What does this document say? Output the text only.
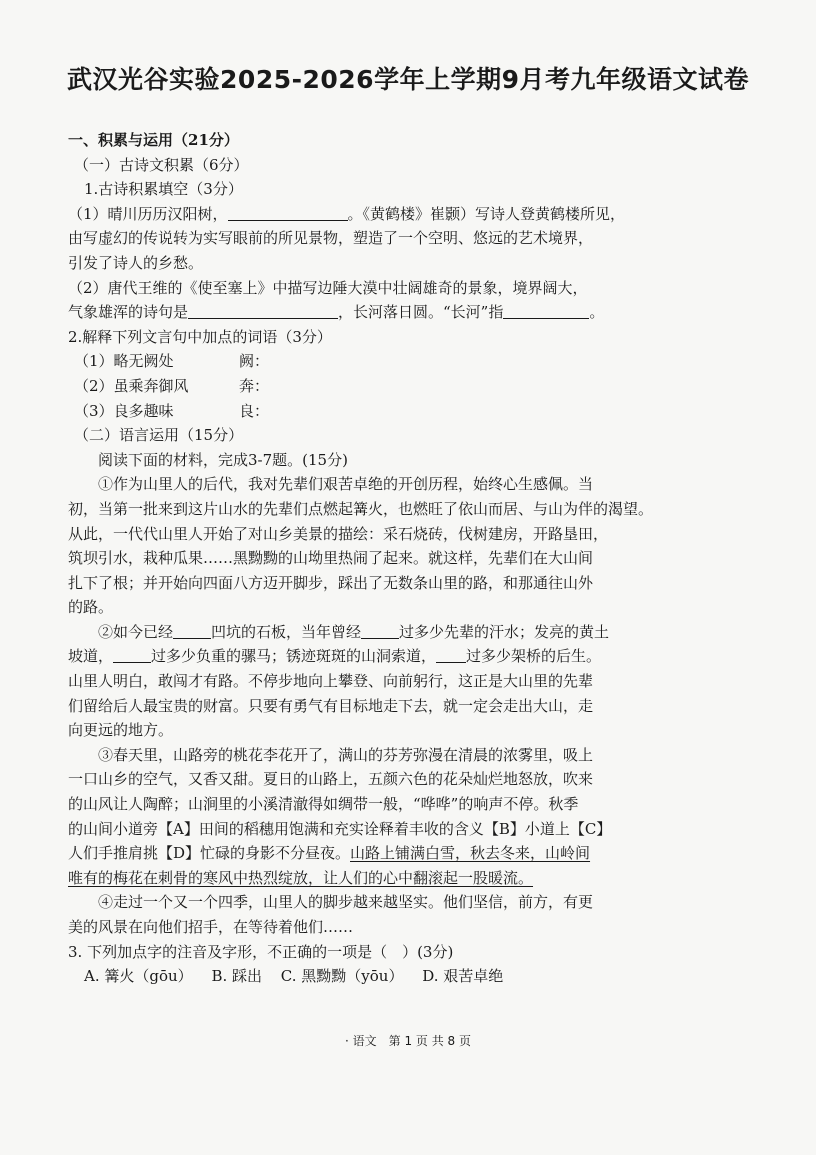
武汉光谷实验2025-2026学年上学期9月考九年级语文试卷
一、积累与运用（21分）
（一）古诗文积累（6分）
1.古诗积累填空（3分）
（1）晴川历历汉阳树，	。《黄鹤楼》崔颢）写诗人登黄鹤楼所见，
由写虚幻的传说转为实写眼前的所见景物，塑造了一个空明、悠远的艺术境界，
引发了诗人的乡愁。
（2）唐代王维的《使至塞上》中描写边陲大漠中壮阔雄奇的景象，境界阔大，
气象雄浑的诗句是	，长河落日圆。“长河”指	。
2.解释下列文言句中加点的词语（3分）
（1）略无阙处	阙：
（2）虽乘奔御风	奔：
（3）良多趣味	良：
（二）语言运用（15分）
阅读下面的材料，完成3-7题。(15分)
①作为山里人的后代，我对先辈们艰苦卓绝的开创历程，始终心生感佩。当
初，当第一批来到这片山水的先辈们点燃起篝火，也燃旺了依山而居、与山为伴的渴望。
从此，一代代山里人开始了对山乡美景的描绘：采石烧砖，伐树建房，开路垦田，
筑坝引水，栽种瓜果……黑黝黝的山坳里热闹了起来。就这样，先辈们在大山间
扎下了根；并开始向四面八方迈开脚步，踩出了无数条山里的路，和那通往山外
的路。
②如今已经	凹坑的石板，当年曾经	过多少先辈的汗水；发亮的黄土
坡道，	过多少负重的骡马；锈迹斑斑的山洞索道， 过多少架桥的后生。
山里人明白，敢闯才有路。不停步地向上攀登、向前躬行，这正是大山里的先辈
们留给后人最宝贵的财富。只要有勇气有目标地走下去，就一定会走出大山，走
向更远的地方。
③春天里，山路旁的桃花李花开了，满山的芬芳弥漫在清晨的浓雾里，吸上
一口山乡的空气，又香又甜。夏日的山路上，五颜六色的花朵灿烂地怒放，吹来
的山风让人陶醉；山涧里的小溪清澈得如绸带一般，“哗哗”的响声不停。秋季
的山间小道旁【A】田间的稻穗用饱满和充实诠释着丰收的含义【B】小道上【C】
人们手推肩挑【D】忙碌的身影不分昼夜。山路上铺满白雪，秋去冬来，山岭间
唯有的梅花在刺骨的寒风中热烈绽放，让人们的心中翻滚起一股暖流。
④走过一个又一个四季，山里人的脚步越来越坚实。他们坚信，前方，有更
美的风景在向他们招手，在等待着他们……
3. 下列加点字的注音及字形，不正确的一项是（　）(3分)
A. 篝火（gōu） B. 踩出 C. 黑黝黝（yōu） D. 艰苦卓绝
· 语文　第 1 页 共 8 页
